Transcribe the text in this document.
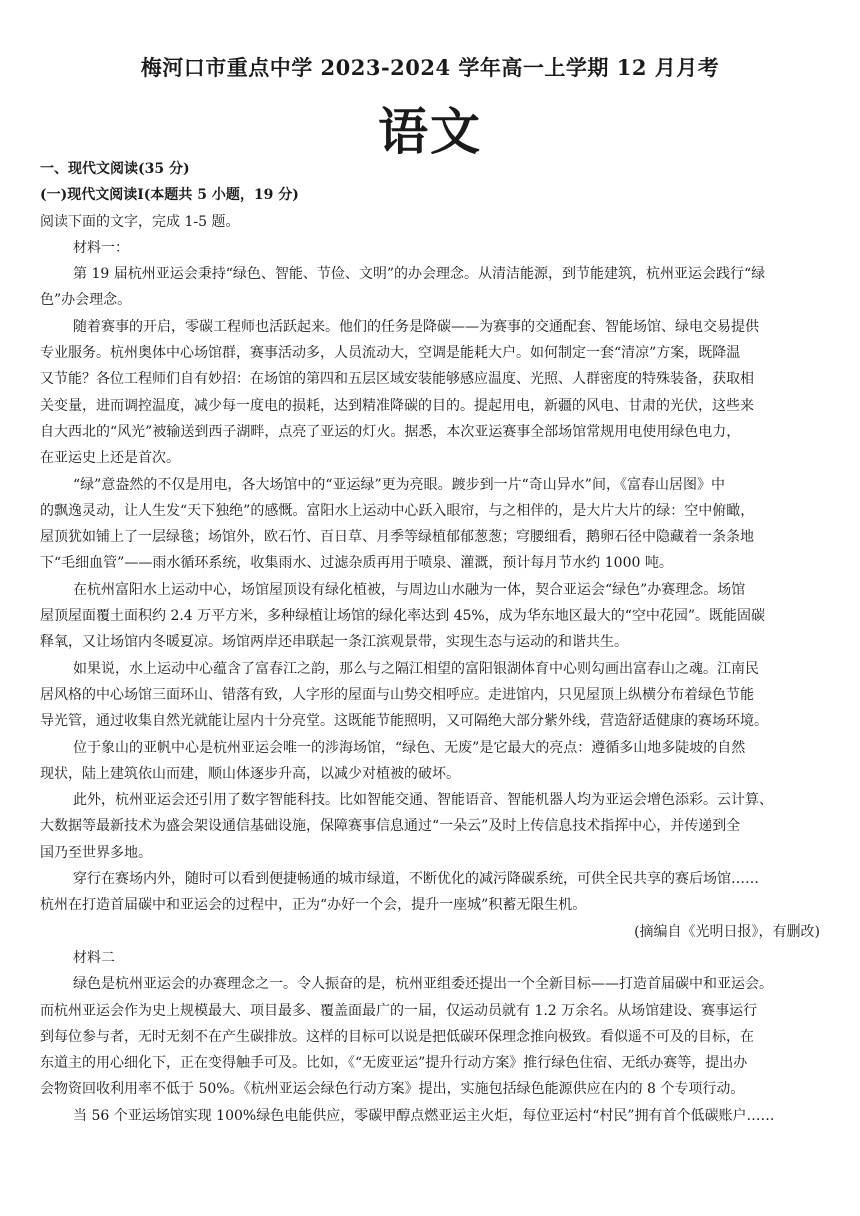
梅河口市重点中学 2023-2024 学年高一上学期 12 月月考
语文
一、现代文阅读(35 分)
(一)现代文阅读Ⅰ(本题共 5 小题，19 分)
阅读下面的文字，完成 1-5 题。
材料一：
第 19 届杭州亚运会秉持“绿色、智能、节俭、文明”的办会理念。从清洁能源，到节能建筑，杭州亚运会践行“绿
色”办会理念。
随着赛事的开启，零碳工程师也活跃起来。他们的任务是降碳——为赛事的交通配套、智能场馆、绿电交易提供
专业服务。杭州奥体中心场馆群，赛事活动多，人员流动大，空调是能耗大户。如何制定一套“清凉”方案，既降温
又节能？各位工程师们自有妙招：在场馆的第四和五层区域安装能够感应温度、光照、人群密度的特殊装备，获取相
关变量，进而调控温度，减少每一度电的损耗，达到精准降碳的目的。提起用电，新疆的风电、甘肃的光伏，这些来
自大西北的“风光”被输送到西子湖畔，点亮了亚运的灯火。据悉，本次亚运赛事全部场馆常规用电使用绿色电力，
在亚运史上还是首次。
“绿”意盎然的不仅是用电，各大场馆中的“亚运绿”更为亮眼。踱步到一片“奇山异水”间，《富春山居图》中
的飘逸灵动，让人生发“天下独绝”的感慨。富阳水上运动中心跃入眼帘，与之相伴的，是大片大片的绿：空中俯瞰，
屋顶犹如铺上了一层绿毯；场馆外，欧石竹、百日草、月季等绿植郁郁葱葱；穹腰细看，鹅卵石径中隐藏着一条条地
下“毛细血管”——雨水循环系统，收集雨水、过滤杂质再用于喷泉、灌溉，预计每月节水约 1000 吨。
在杭州富阳水上运动中心，场馆屋顶设有绿化植被，与周边山水融为一体，契合亚运会“绿色”办赛理念。场馆
屋顶屋面覆土面积约 2.4 万平方米，多种绿植让场馆的绿化率达到 45%，成为华东地区最大的“空中花园”。既能固碳
释氧，又让场馆内冬暖夏凉。场馆两岸还串联起一条江滨观景带，实现生态与运动的和谐共生。
如果说，水上运动中心蕴含了富春江之韵，那么与之隔江相望的富阳银湖体育中心则勾画出富春山之魂。江南民
居风格的中心场馆三面环山、错落有致，人字形的屋面与山势交相呼应。走进馆内，只见屋顶上纵横分布着绿色节能
导光管，通过收集自然光就能让屋内十分亮堂。这既能节能照明，又可隔绝大部分紫外线，营造舒适健康的赛场环境。
位于象山的亚帆中心是杭州亚运会唯一的涉海场馆，“绿色、无废”是它最大的亮点：遵循多山地多陡坡的自然
现状，陆上建筑依山而建，顺山体逐步升高，以减少对植被的破坏。
此外，杭州亚运会还引用了数字智能科技。比如智能交通、智能语音、智能机器人均为亚运会增色添彩。云计算、
大数据等最新技术为盛会架设通信基础设施，保障赛事信息通过“一朵云”及时上传信息技术指挥中心，并传递到全
国乃至世界多地。
穿行在赛场内外，随时可以看到便捷畅通的城市绿道，不断优化的减污降碳系统，可供全民共享的赛后场馆……
杭州在打造首届碳中和亚运会的过程中，正为“办好一个会，提升一座城”积蓄无限生机。
(摘编自《光明日报》，有删改)
材料二
绿色是杭州亚运会的办赛理念之一。令人振奋的是，杭州亚组委还提出一个全新目标——打造首届碳中和亚运会。
而杭州亚运会作为史上规模最大、项目最多、覆盖面最广的一届，仅运动员就有 1.2 万余名。从场馆建设、赛事运行
到每位参与者，无时无刻不在产生碳排放。这样的目标可以说是把低碳环保理念推向极致。看似遥不可及的目标，在
东道主的用心细化下，正在变得触手可及。比如，《“无废亚运”提升行动方案》推行绿色住宿、无纸办赛等，提出办
会物资回收利用率不低于 50%。《杭州亚运会绿色行动方案》提出，实施包括绿色能源供应在内的 8 个专项行动。
当 56 个亚运场馆实现 100%绿色电能供应，零碳甲醇点燃亚运主火炬，每位亚运村“村民”拥有首个低碳账户……
